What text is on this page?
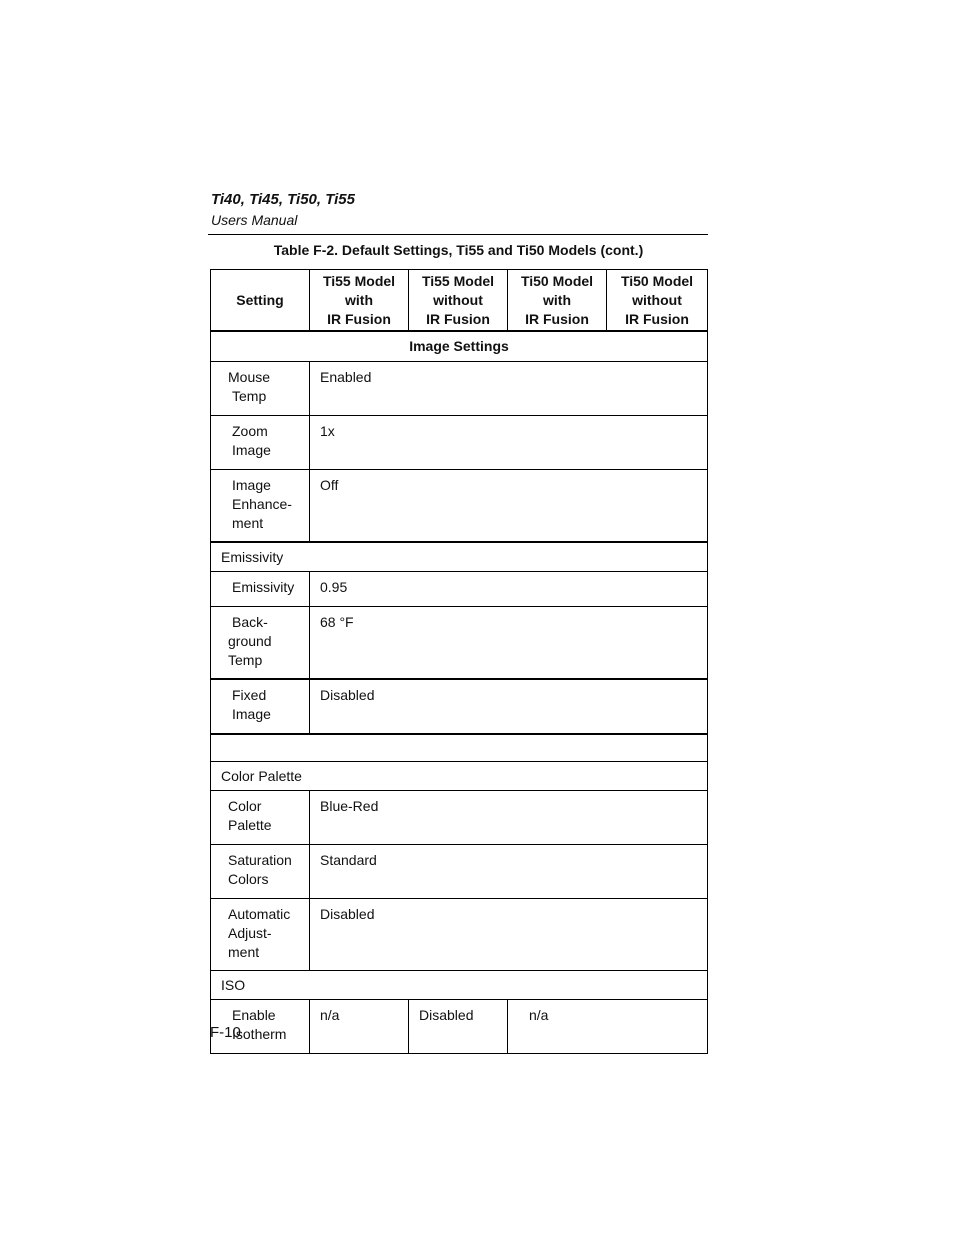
Ti40, Ti45, Ti50, Ti55
Users Manual
Table F-2. Default Settings, Ti55 and Ti50 Models (cont.)
Setting	Ti55 Model
with
IR Fusion	Ti55 Model
without
IR Fusion	Ti50 Model
with
IR Fusion	Ti50 Model
without
IR Fusion

Image Settings				

Mouse
Temp	Enabled			

Zoom
Image	1x			

Image
Enhance-
ment	Off			
Emissivity				

Emissivity	0.95			

Back-
ground
Temp	68 °F			

Fixed
Image	Disabled			

Color Palette				

Color
Palette	Blue-Red			

Saturation
Colors	Standard			

Automatic
Adjust-
ment	Disabled			
ISO				

Enable
Isotherm	n/a	Disabled	n/a	
F-10
